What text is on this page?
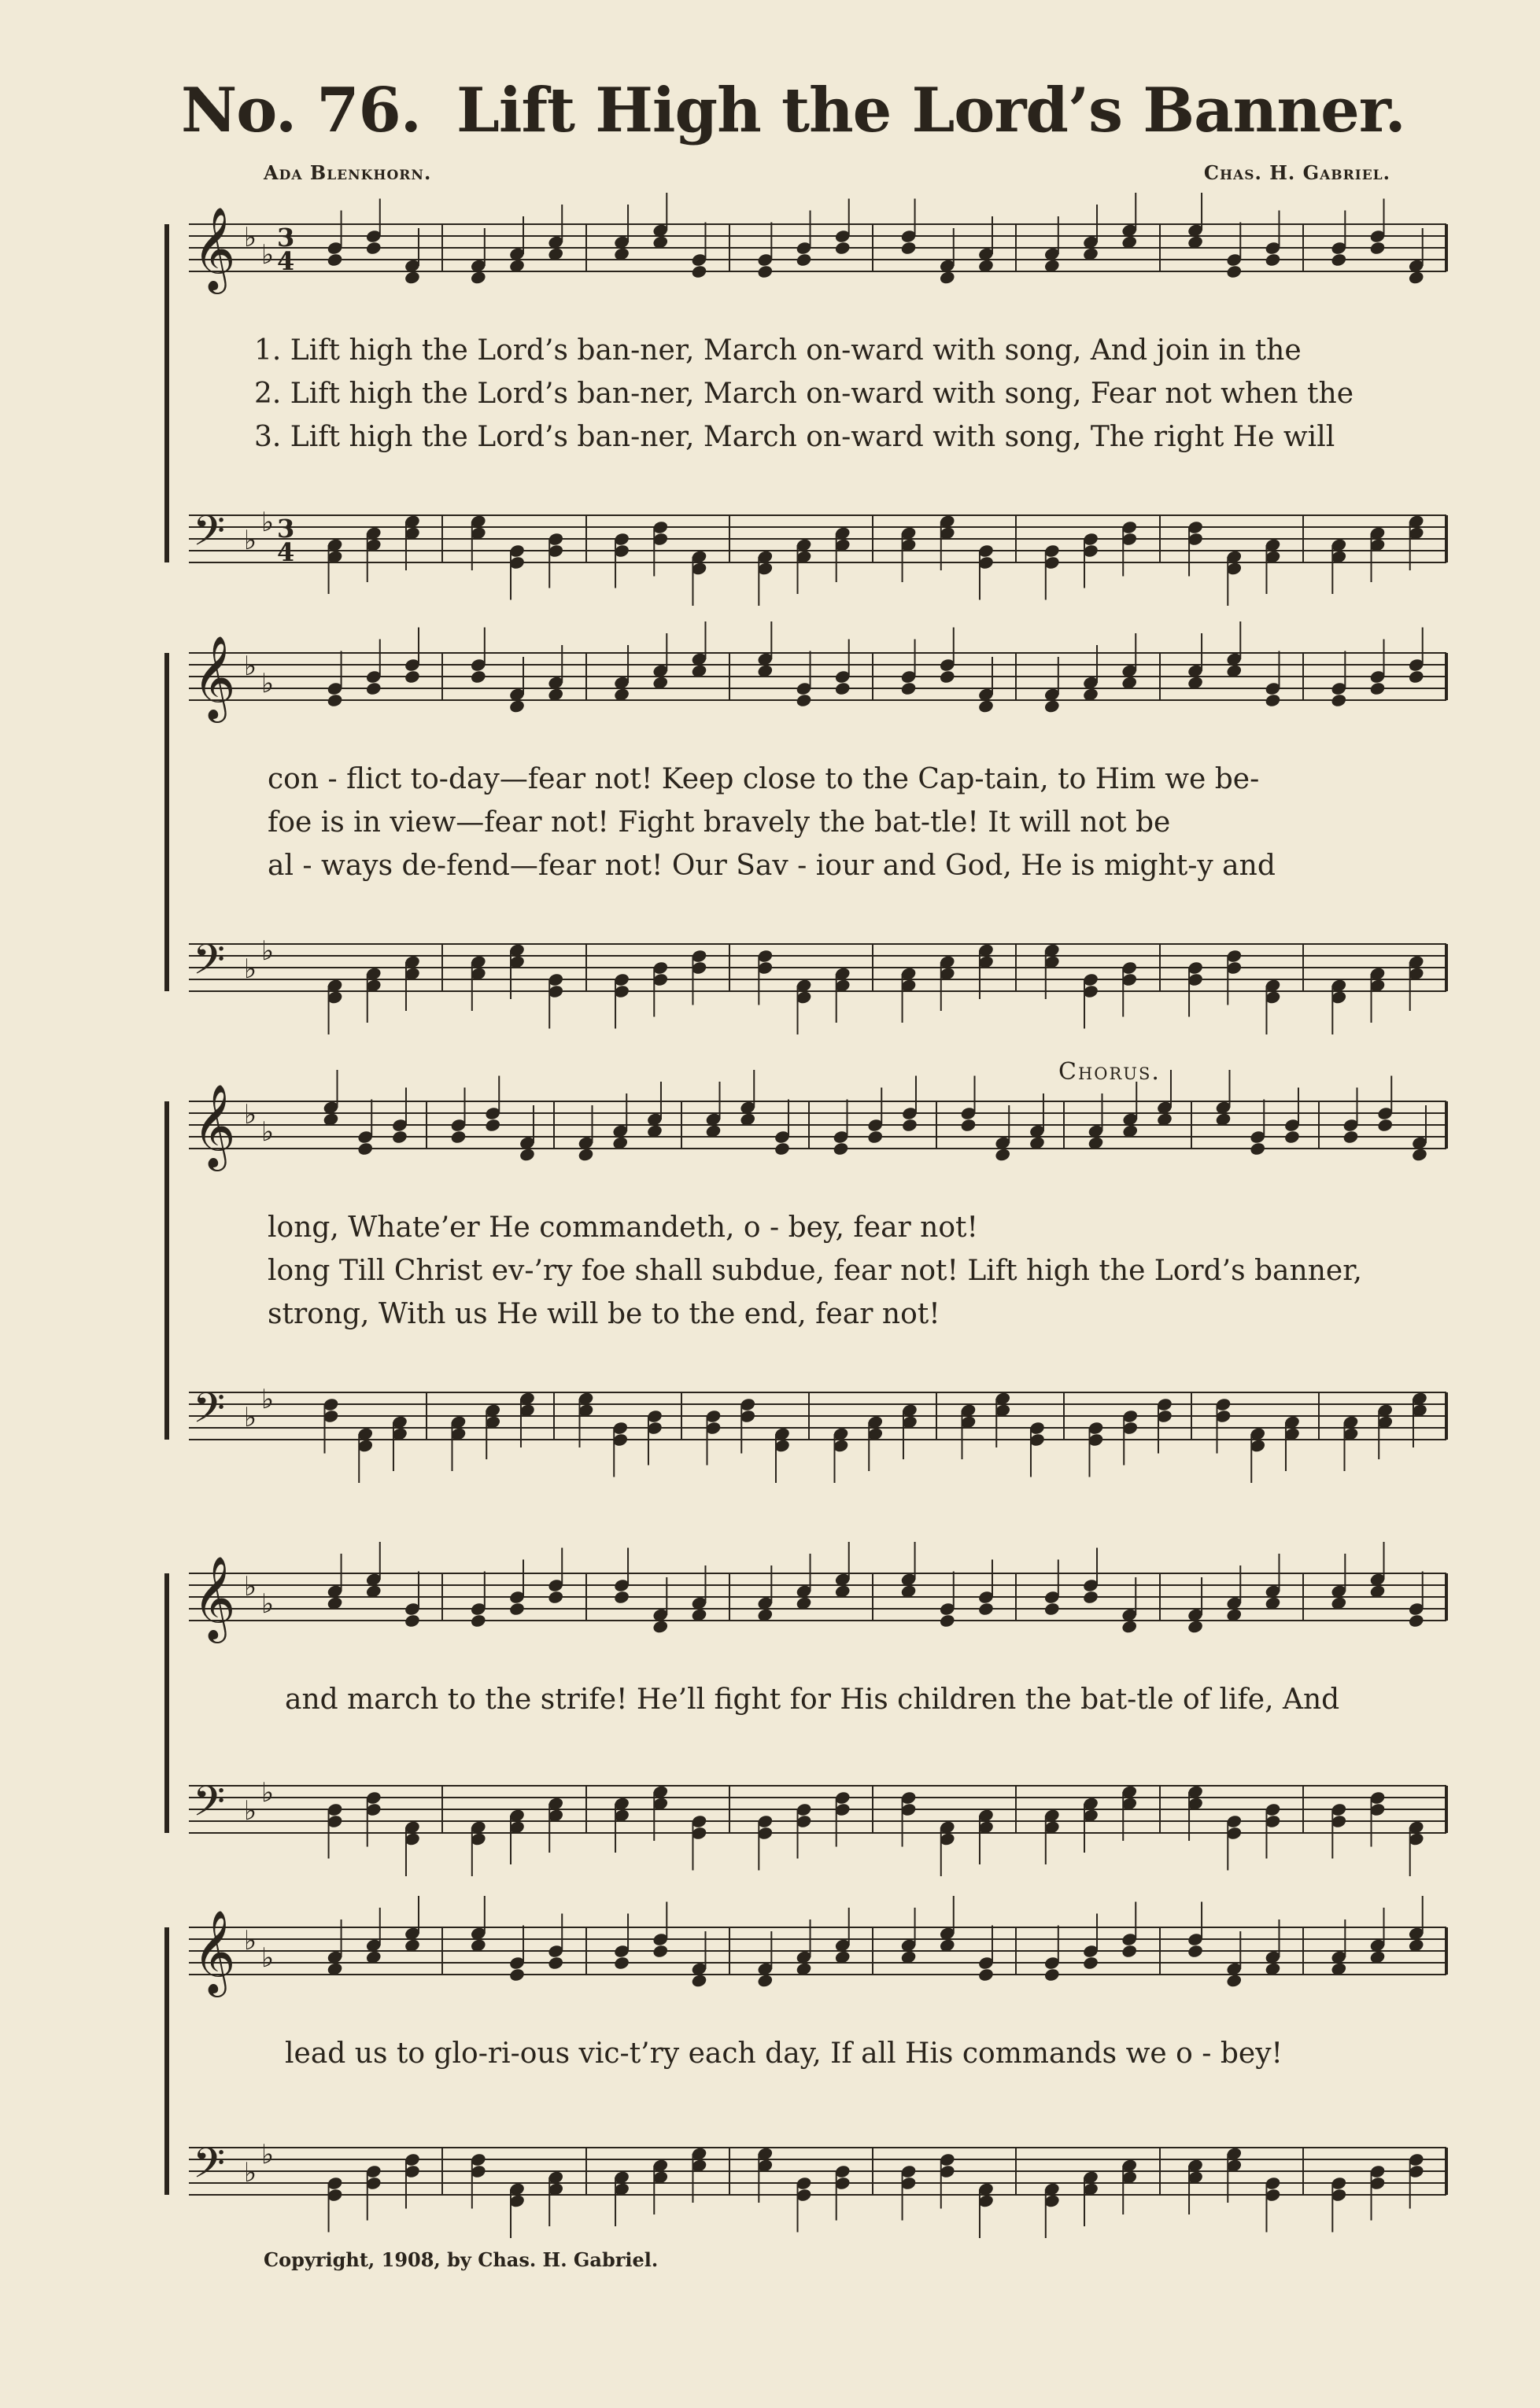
No. 76. Lift High the Lord’s Banner.
Ada Blenkhorn.	Chas. H. Gabriel.
𝄞 ♭
♭
𝄢 ♭
♭
3
3
4
4
𝄞 ♭
♭
𝄢 ♭
♭
𝄞 ♭
♭
𝄢 ♭
♭
𝄞 ♭
♭
𝄢 ♭
♭
𝄞 ♭
♭
𝄢 ♭
♭
1. Lift high the Lord’s ban-ner, March on-ward with song, And join in the
2. Lift high the Lord’s ban-ner, March on-ward with song, Fear not when the
3. Lift high the Lord’s ban-ner, March on-ward with song, The right He will
con - flict to-day—fear not! Keep close to the Cap-tain, to Him we be-
foe is in view—fear not! Fight bravely the bat-tle! It will not be
al - ways de-fend—fear not! Our Sav - iour and God, He is might-y and
Chorus.
long, Whate’er He commandeth, o - bey, fear not!
long Till Christ ev-’ry foe shall subdue, fear not! Lift high the Lord’s banner,
strong, With us He will be to the end, fear not!
and march to the strife! He’ll fight for His children the bat-tle of life, And
lead us to glo-ri-ous vic-t’ry each day, If all His commands we o - bey!
Copyright, 1908, by Chas. H. Gabriel.
